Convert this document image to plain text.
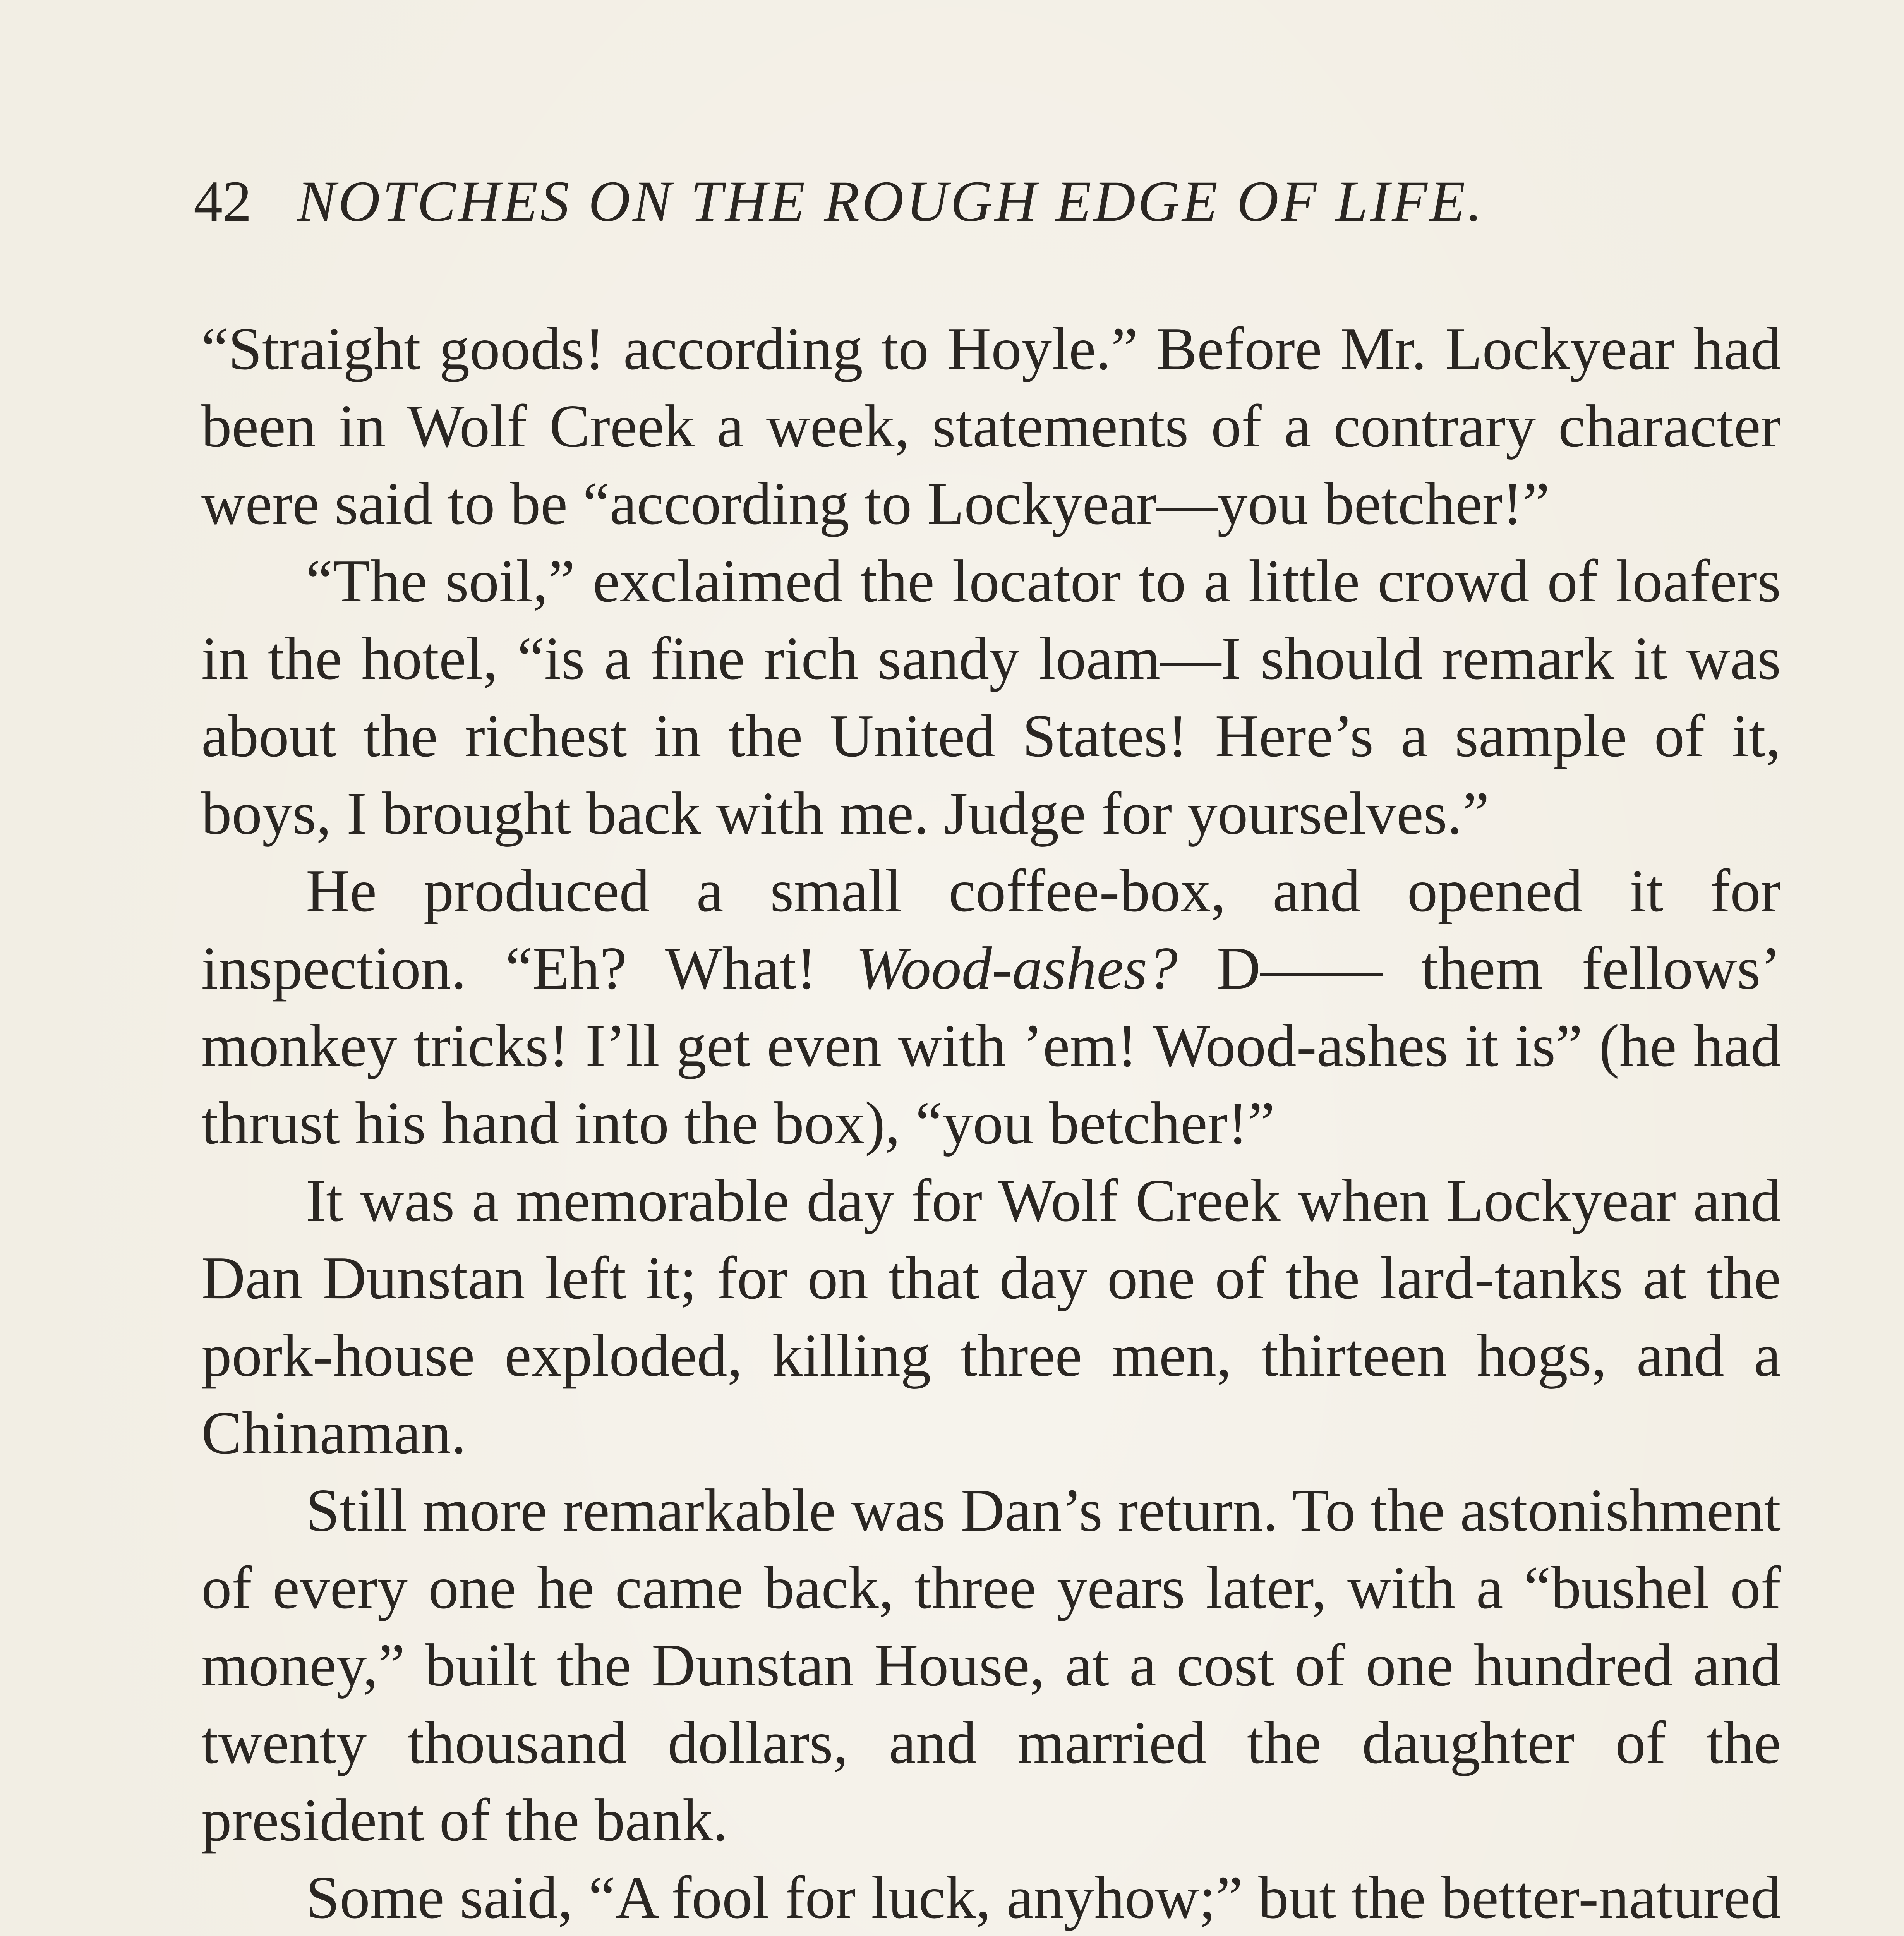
42 NOTCHES ON THE ROUGH EDGE OF LIFE.

“Straight goods! according to Hoyle.” Before Mr. Lockyear had been in Wolf Creek a week, statements of a contrary character were said to be “according to Lockyear—you betcher!”

“The soil,” exclaimed the locator to a little crowd of loafers in the hotel, “is a fine rich sandy loam—I should remark it was about the richest in the United States! Here’s a sample of it, boys, I brought back with me. Judge for yourselves.”

He produced a small coffee-box, and opened it for inspection. “Eh? What! Wood-ashes? D—— them fellows’ monkey tricks! I’ll get even with ’em! Wood-ashes it is” (he had thrust his hand into the box), “you betcher!”

It was a memorable day for Wolf Creek when Lockyear and Dan Dunstan left it; for on that day one of the lard-tanks at the pork-house exploded, killing three men, thirteen hogs, and a Chinaman.

Still more remarkable was Dan’s return. To the astonishment of every one he came back, three years later, with a “bushel of money,” built the Dunstan House, at a cost of one hundred and twenty thousand dollars, and married the daughter of the president of the bank.

Some said, “A fool for luck, anyhow;” but the better-natured
